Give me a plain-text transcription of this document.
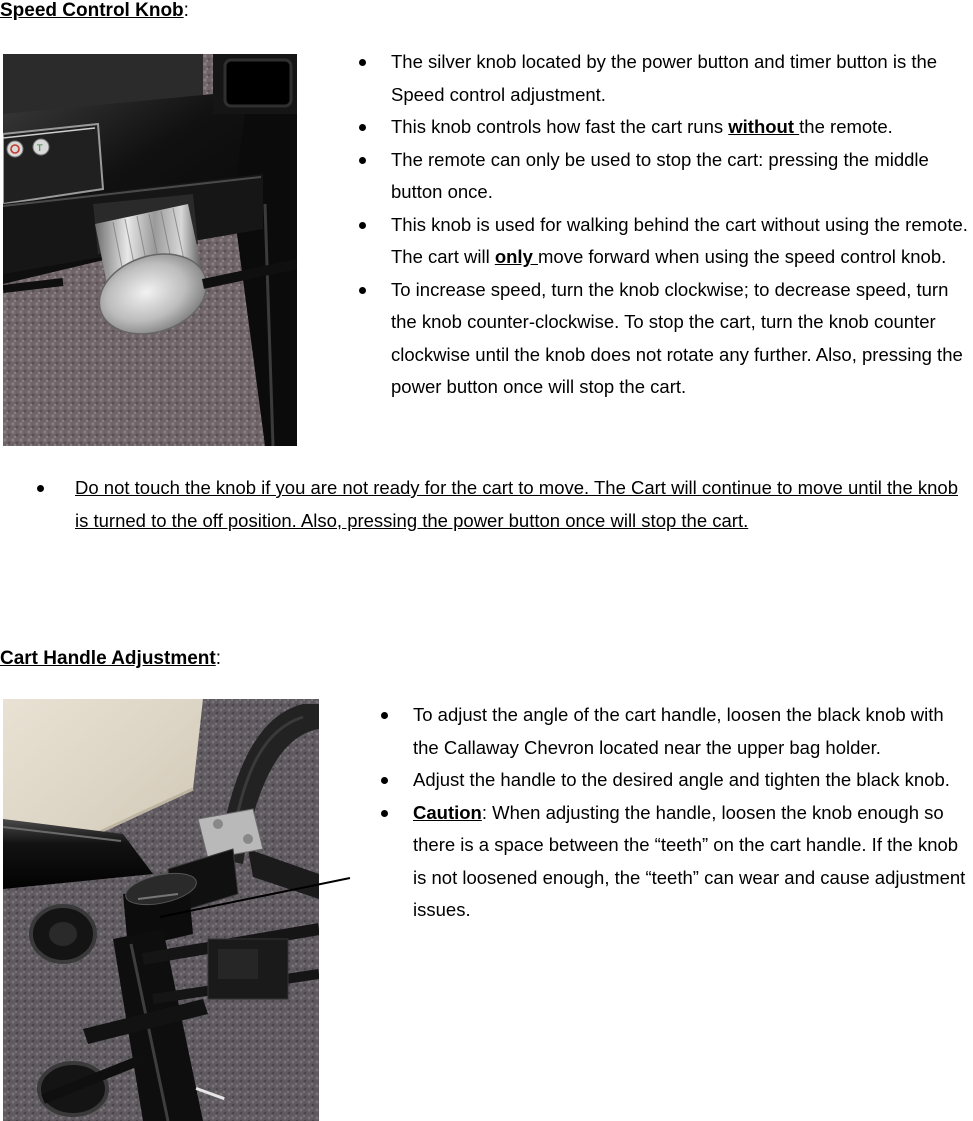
Speed Control Knob:
T
The silver knob located by the power button and timer button is the Speed control adjustment.
This knob controls how fast the cart runs without the remote.
The remote can only be used to stop the cart: pressing the middle button once.
This knob is used for walking behind the cart without using the remote. The cart will only move forward when using the speed control knob.
To increase speed, turn the knob clockwise; to decrease speed, turn the knob counter-clockwise. To stop the cart, turn the knob counter clockwise until the knob does not rotate any further. Also, pressing the power button once will stop the cart.
Do not touch the knob if you are not ready for the cart to move. The Cart will continue to move until the knob is turned to the off position. Also, pressing the power button once will stop the cart.
Cart Handle Adjustment:
To adjust the angle of the cart handle, loosen the black knob with the Callaway Chevron located near the upper bag holder.
Adjust the handle to the desired angle and tighten the black knob.
Caution: When adjusting the handle, loosen the knob enough so there is a space between the “teeth” on the cart handle. If the knob is not loosened enough, the “teeth” can wear and cause adjustment issues.
